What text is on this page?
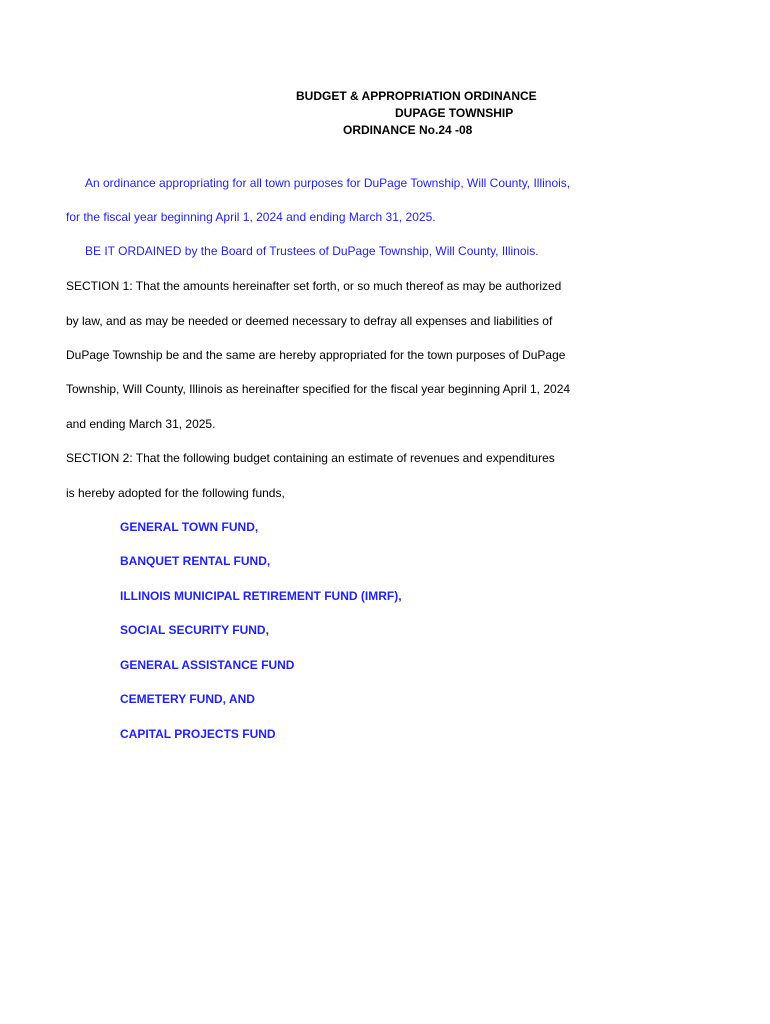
BUDGET & APPROPRIATION ORDINANCE
DUPAGE TOWNSHIP
ORDINANCE No.24 -08
An ordinance appropriating for all town purposes for DuPage Township, Will County, Illinois,
for the fiscal year beginning April 1, 2024 and ending March 31, 2025.
BE IT ORDAINED by the Board of Trustees of DuPage Township, Will County, Illinois.
SECTION 1: That the amounts hereinafter set forth, or so much thereof as may be authorized
by law, and as may be needed or deemed necessary to defray all expenses and liabilities of
DuPage Township be and the same are hereby appropriated for the town purposes of DuPage
Township, Will County, Illinois as hereinafter specified for the fiscal year beginning April 1, 2024
and ending March 31, 2025.
SECTION 2: That the following budget containing an estimate of revenues and expenditures
is hereby adopted for the following funds,
GENERAL TOWN FUND,
BANQUET RENTAL FUND,
ILLINOIS MUNICIPAL RETIREMENT FUND (IMRF),
SOCIAL SECURITY FUND,
GENERAL ASSISTANCE FUND
CEMETERY FUND, AND
CAPITAL PROJECTS FUND
